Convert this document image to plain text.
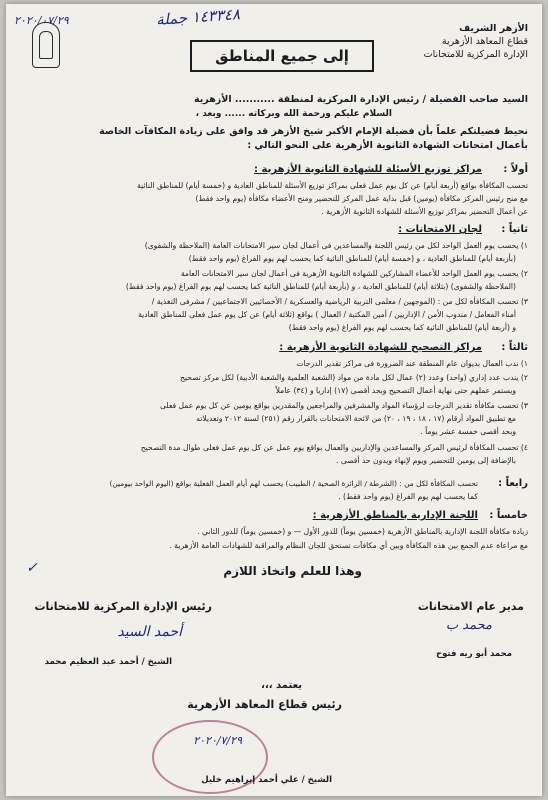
٢٠٢٠/٠٧/٢٩	١٤٣٣٤٨ جملة
الأزهر الشريف
قطاع المعاهد الأزهرية
الإدارة المركزية للامتحانات
إلى جميع المناطق
السيد صاحب الفضيلة / رئيس الإدارة المركزية لمنطقة ........... الأزهرية
السلام عليكم ورحمة الله وبركاته ...... وبعد ،
نحيط فضيلتكم علماً بأن فضيلة الإمام الأكبر شيخ الأزهر قد وافق على زيادة المكافآت الخاصة
بأعمال امتحانات الشهادة الثانوية الأزهرية على النحو التالي :
أولاً :
مراكز توزيع الأسئلة للشهادة الثانوية الأزهرية :
تحسب المكافأة بواقع (أربعة أيام) عن كل يوم عمل فعلى بمراكز توزيع الأسئلة للمناطق العادية و (خمسة أيام) للمناطق النائية
مع منح رئيس المركز مكافأة (يومين) قبل بداية عمل المركز للتحضير ومنح الأعضاء مكافأة (يوم واحد فقط)
عن أعمال التحضير بمراكز توزيع الأسئلة للشهادة الثانوية الأزهرية .
ثانياً :
لجان الامتحانات :
١) يحسب يوم العمل الواحد لكل من رئيس اللجنة والمساعدين فى أعمال لجان سير الامتحانات العامة (الملاحظة والشفوى)
(بأربعة أيام) للمناطق العادية ، و (خمسة أيام) للمناطق النائية كما يحسب لهم يوم الفراغ (يوم واحد فقط)
٢) يحسب يوم العمل الواحد للأعضاء المشاركين للشهادة الثانوية الأزهرية فى أعمال لجان سير الامتحانات العامة
(الملاحظة والشفوى) (بثلاثة أيام) للمناطق العادية ، و (بأربعة أيام) للمناطق النائية كما يحسب لهم يوم الفراغ (يوم واحد فقط)
٣) تحسب المكافأة لكل من : (الموجهين / معلمى التربية الرياضية والعسكرية / الأخصائيين الاجتماعيين / مشرفى التغذية /
أمناء المعامل / مندوب الأمن / الإداريين / أمين المكتبة / العمال ) بواقع (ثلاثة أيام) عن كل يوم عمل فعلى للمناطق العادية
و (أربعة أيام) للمناطق النائية كما يحسب لهم يوم الفراغ (يوم واحد فقط)
ثالثاً :
مراكز التصحيح للشهادة الثانوية الأزهرية :
١) ندب العمال بديوان عام المنطقة عند الضرورة فى مراكز تقدير الدرجات
٢) يندب عدد إداري (واحد) وعدد (٢) عمال لكل مادة من مواد (الشعبة العلمية والشعبة الأدبية) لكل مركز تصحيح
ويستمر عملهم حتى نهاية أعمال التصحيح وبحد أقصى (١٧) إداريا و (٣٤) عاملاً
٣) تحسب مكافأة تقدير الدرجات لرؤساء المواد والمشرفين والمراجعين والمقدرين بواقع يومين عن كل يوم عمل فعلى
مع تطبيق المواد أرقام (١٧ ، ١٨ ، ١٩ ، ٢٠) من لائحة الامتحانات بالقرار رقم (٢٥١) لسنة ٢٠١٢ وتعديلاته
وبحد أقصى خمسة عشر يوماً .
٤) تحسب المكافأة لرئيس المركز والمساعدين والإداريين والعمال بواقع يوم عمل عن كل يوم عمل فعلى طوال مدة التصحيح
بالإضافة إلى يومين للتحضير ويوم لإنهاء ويدون حد أقصى .
رابعاً :
تحسب المكافأة لكل من : (الشرطة / الزائرة الصحية / الطبيب) يحسب لهم أيام العمل الفعلية بواقع (اليوم الواحد بيومين)
كما يحسب لهم يوم الفراغ (يوم واحد فقط) .
خامساً :
اللجنة الإدارية بالمناطق الأزهرية :
زيادة مكافأة اللجنة الإدارية بالمناطق الأزهرية (خمسين يوماً) للدور الأول — و (خمسين يوماً) للدور الثاني .
مع مراعاة عدم الجمع بين هذه المكافأة وبين أي مكافآت تستحق للجان النظام والمراقبة للشهادات العامة الأزهرية .
وهذا للعلم واتخاذ اللازم
✓
مدير عام الامتحانات
محمد ب
محمد أبو ريه فتوح
رئيس الإدارة المركزية للامتحانات
أحمد السيد
الشيخ / أحمد عبد العظيم محمد
يعتمد ،،،
رئيس قطاع المعاهد الأزهرية
٢٠٢٠/٧/٢٩
الشيخ / علي أحمد إبراهيم خليل
